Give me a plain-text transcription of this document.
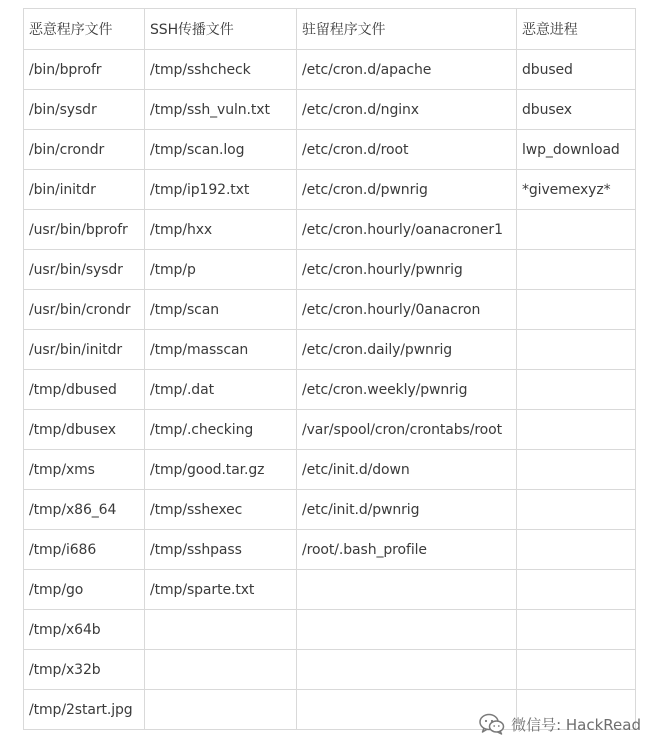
恶意程序文件	SSH传播文件	驻留程序文件	恶意进程
/bin/bprofr	/tmp/sshcheck	/etc/cron.d/apache	dbused
/bin/sysdr	/tmp/ssh_vuln.txt	/etc/cron.d/nginx	dbusex
/bin/crondr	/tmp/scan.log	/etc/cron.d/root	lwp_download
/bin/initdr	/tmp/ip192.txt	/etc/cron.d/pwnrig	*givemexyz*
/usr/bin/bprofr	/tmp/hxx	/etc/cron.hourly/oanacroner1	
/usr/bin/sysdr	/tmp/p	/etc/cron.hourly/pwnrig	
/usr/bin/crondr	/tmp/scan	/etc/cron.hourly/0anacron	
/usr/bin/initdr	/tmp/masscan	/etc/cron.daily/pwnrig	
/tmp/dbused	/tmp/.dat	/etc/cron.weekly/pwnrig	
/tmp/dbusex	/tmp/.checking	/var/spool/cron/crontabs/root	
/tmp/xms	/tmp/good.tar.gz	/etc/init.d/down	
/tmp/x86_64	/tmp/sshexec	/etc/init.d/pwnrig	
/tmp/i686	/tmp/sshpass	/root/.bash_profile	
/tmp/go	/tmp/sparte.txt		
/tmp/x64b			
/tmp/x32b			
/tmp/2start.jpg			
微信号: HackRead
